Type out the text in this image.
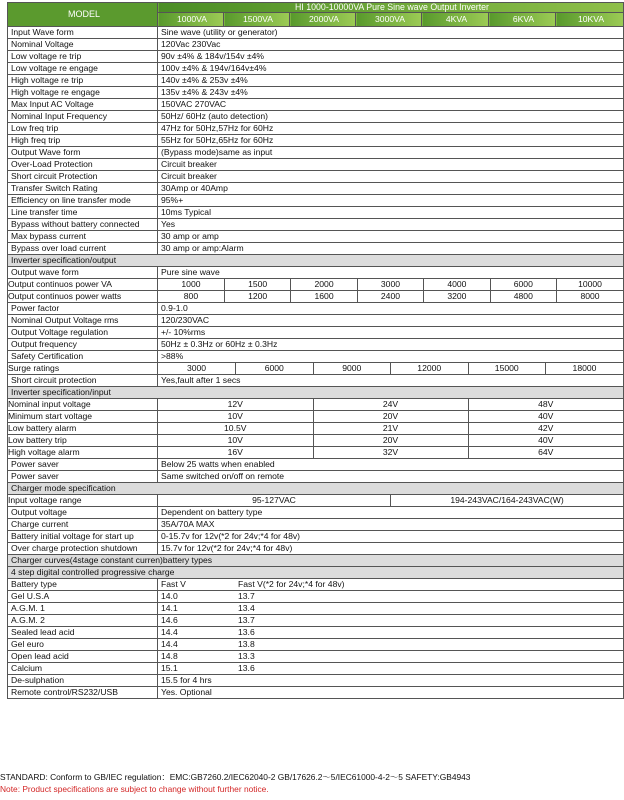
MODEL	HI 1000-10000VA Pure Sine wave Output Inverter
1000VA	1500VA	2000VA	3000VA	4KVA	6KVA	10KVA
Input Wave form	Sine wave (utility or generator)
Nominal Voltage	120Vac 230Vac
Low voltage re trip	90v ±4% & 184v/154v ±4%
Low voltage re engage	100v ±4% & 194v/164v±4%
High voltage re trip	140v ±4% & 253v ±4%
High voltage re engage	135v ±4% & 243v ±4%
Max Input AC Voltage	150VAC 270VAC
Nominal Input Frequency	50Hz/ 60Hz (auto detection)
Low freq trip	47Hz for 50Hz,57Hz for 60Hz
High freq trip	55Hz for 50Hz,65Hz for 60Hz
Output Wave form	(Bypass mode)same as input
Over-Load Protection	Circuit breaker
Short circuit Protection	Circuit breaker
Transfer Switch Rating	30Amp or 40Amp
Efficiency on line transfer mode	95%+
Line transfer time	10ms Typical
Bypass without battery connected	Yes
Max bypass current	30 amp or amp
Bypass over load current	30 amp or amp:Alarm
Inverter specification/output
Output wave form	Pure sine wave
Output continuos power VA		1000	1500	2000	3000	4000	6000	10000

Output continuos power watts		800	1200	1600	2400	3200	4800	8000

Power factor	0.9-1.0
Nominal Output Voltage rms	120/230VAC
Output Voltage regulation	+/- 10%rms
Output frequency	50Hz ± 0.3Hz or 60Hz ± 0.3Hz
Safety Certification	>88%
Surge ratings		3000	6000	9000	12000	15000	18000

Short circuit protection	Yes,fault after 1 secs
Inverter specification/input
Nominal input voltage		12V	24V	48V

Minimum start voltage		10V	20V	40V

Low battery alarm		10.5V	21V	42V

Low battery trip		10V	20V	40V

High voltage alarm		16V	32V	64V

Power saver	Below 25 watts when enabled
Power saver	Same switched on/off on remote
Charger mode specification
Input voltage range		95-127VAC	194-243VAC/164-243VAC(W)

Output voltage	Dependent on battery type
Charge current	35A/70A MAX
Battery initial voltage for start up	0-15.7v for 12v(*2 for 24v;*4 for 48v)
Over charge protection shutdown	15.7v for 12v(*2 for 24v;*4 for 48v)
Charger curves(4stage constant curren)battery types
4 step digital controlled progressive charge
Battery type	Fast V	Fast V(*2 for 24v;*4 for 48v)

Gel U.S.A	14.0	13.7

A.G.M. 1	14.1	13.4

A.G.M. 2	14.6	13.7

Sealed lead acid	14.4	13.6

Gel euro	14.4	13.8

Open lead acid	14.8	13.3

Calcium	15.1	13.6

De-sulphation	15.5 for 4 hrs
Remote control/RS232/USB	Yes. Optional
STANDARD: Conform to GB/IEC regulation：EMC:GB7260.2/IEC62040-2 GB/17626.2～5/IEC61000-4-2～5 SAFETY:GB4943
Note: Product specifications are subject to change without further notice.
